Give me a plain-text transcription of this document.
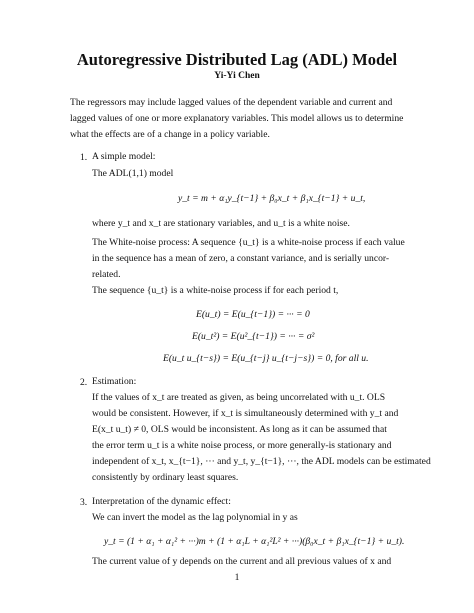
Autoregressive Distributed Lag (ADL) Model
Yi-Yi Chen
The regressors may include lagged values of the dependent variable and current and
lagged values of one or more explanatory variables. This model allows us to determine
what the effects are of a change in a policy variable.
1. A simple model:
The ADL(1,1) model
y_t = m + α₁y_{t−1} + β₀x_t + β₁x_{t−1} + u_t,
where y_t and x_t are stationary variables, and u_t is a white noise.
The White-noise process: A sequence {u_t} is a white-noise process if each value
in the sequence has a mean of zero, a constant variance, and is serially uncor-
related.
The sequence {u_t} is a white-noise process if for each period t,
E(u_t) = E(u_{t−1}) = ··· = 0
E(u_t²) = E(u²_{t−1}) = ··· = σ²
E(u_t u_{t−s}) = E(u_{t−j} u_{t−j−s}) = 0, for all u.
2. Estimation:
If the values of x_t are treated as given, as being uncorrelated with u_t. OLS
would be consistent. However, if x_t is simultaneously determined with y_t and
E(x_t u_t) ≠ 0, OLS would be inconsistent. As long as it can be assumed that
the error term u_t is a white noise process, or more generally-is stationary and
independent of x_t, x_{t−1}, ··· and y_t, y_{t−1}, ···, the ADL models can be estimated
consistently by ordinary least squares.
3. Interpretation of the dynamic effect:
We can invert the model as the lag polynomial in y as
y_t = (1 + α₁ + α₁² + ···)m + (1 + α₁L + α₁²L² + ···)(β₀x_t + β₁x_{t−1} + u_t).
The current value of y depends on the current and all previous values of x and
1
